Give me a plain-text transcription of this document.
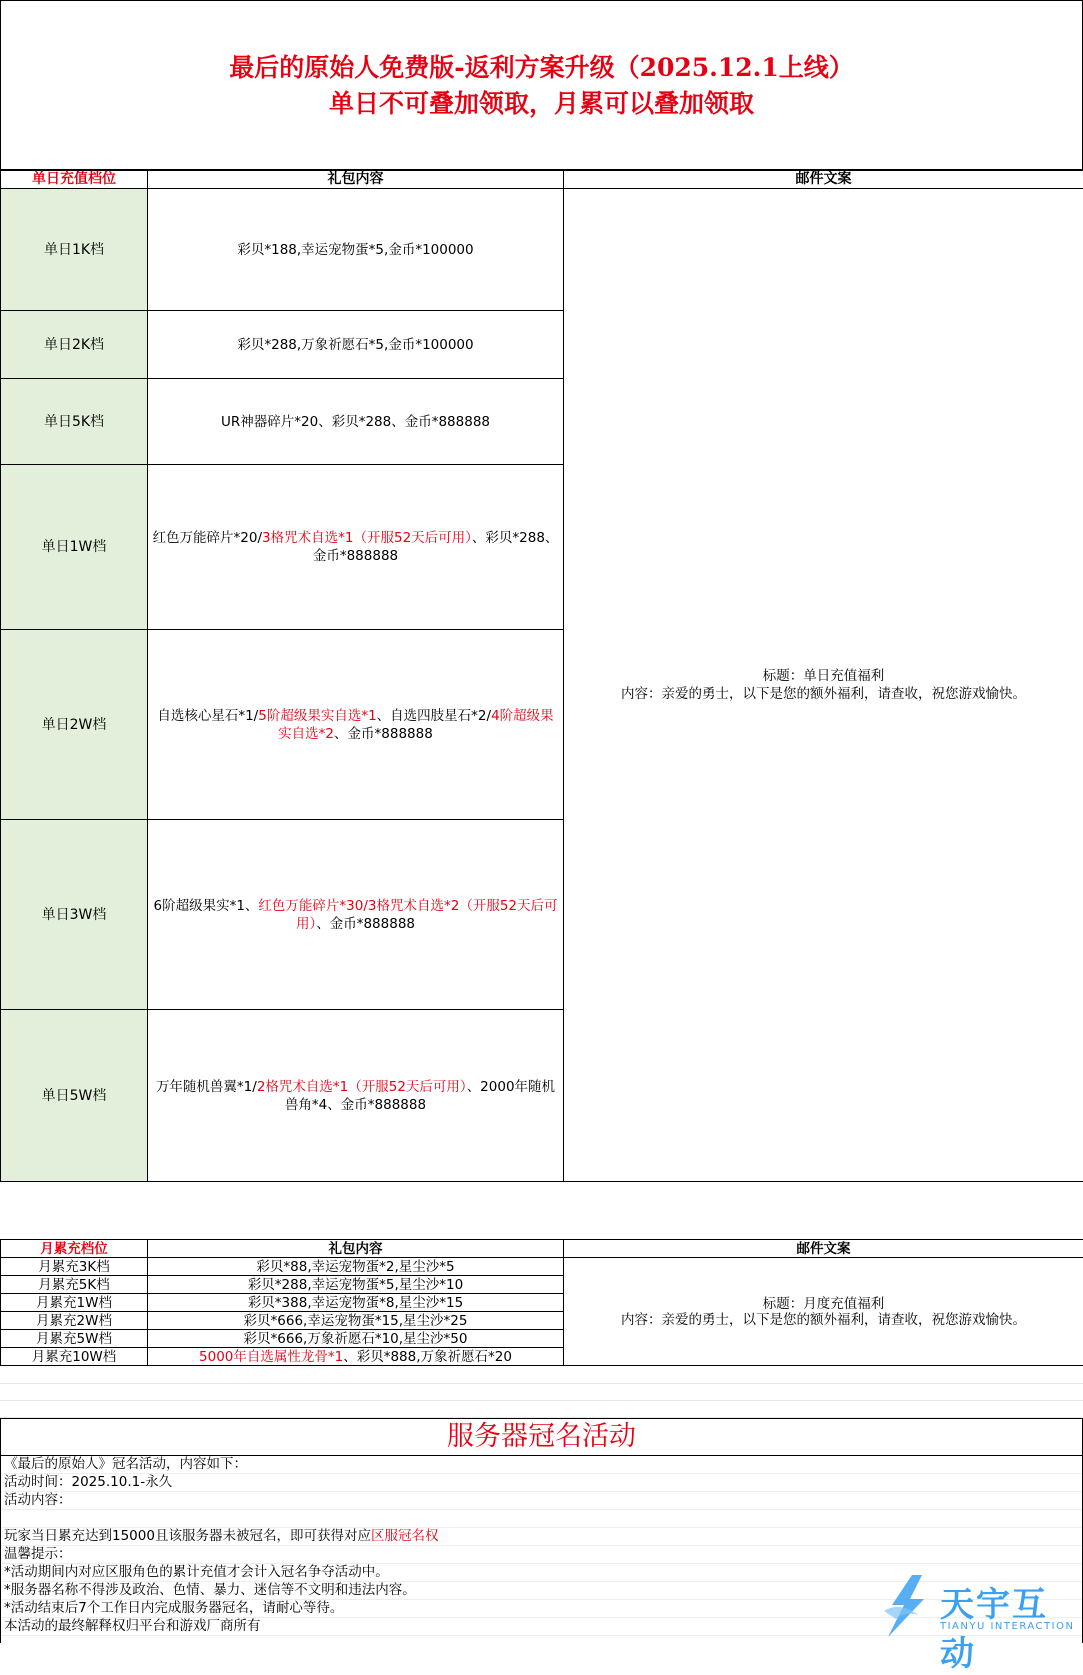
最后的原始人免费版-返利方案升级（2025.12.1上线）
单日不可叠加领取，月累可以叠加领取
单日充值档位	礼包内容	邮件文案
单日1K档	彩贝*188,幸运宠物蛋*5,金币*100000	标题：单日充值福利
内容：亲爱的勇士，以下是您的额外福利，请查收，祝您游戏愉快。

单日2K档	彩贝*288,万象祈愿石*5,金币*100000	
单日5K档	UR神器碎片*20、彩贝*288、金币*888888	
单日1W档	红色万能碎片*20/3格咒术自选*1（开服52天后可用）、彩贝*288、金币*888888	
单日2W档	自选核心星石*1/5阶超级果实自选*1、自选四肢星石*2/4阶超级果实自选*2、金币*888888	
单日3W档	6阶超级果实*1、红色万能碎片*30/3格咒术自选*2（开服52天后可用）、金币*888888	
单日5W档	万年随机兽翼*1/2格咒术自选*1（开服52天后可用）、2000年随机兽角*4、金币*888888	
月累充档位	礼包内容	邮件文案
月累充3K档	彩贝*88,幸运宠物蛋*2,星尘沙*5	标题：月度充值福利
内容：亲爱的勇士，以下是您的额外福利，请查收，祝您游戏愉快。

月累充5K档	彩贝*288,幸运宠物蛋*5,星尘沙*10	
月累充1W档	彩贝*388,幸运宠物蛋*8,星尘沙*15	
月累充2W档	彩贝*666,幸运宠物蛋*15,星尘沙*25	
月累充5W档	彩贝*666,万象祈愿石*10,星尘沙*50	
月累充10W档	5000年自选属性龙骨*1、彩贝*888,万象祈愿石*20	
服务器冠名活动

《最后的原始人》冠名活动，内容如下：

活动时间：2025.10.1-永久

活动内容：

玩家当日累充达到15000且该服务器未被冠名，即可获得对应区服冠名权

温馨提示：

*活动期间内对应区服角色的累计充值才会计入冠名争夺活动中。

*服务器名称不得涉及政治、色情、暴力、迷信等不文明和违法内容。

*活动结束后7个工作日内完成服务器冠名，请耐心等待。

本活动的最终解释权归平台和游戏厂商所有

天宇互动
TIANYU INTERACTION
